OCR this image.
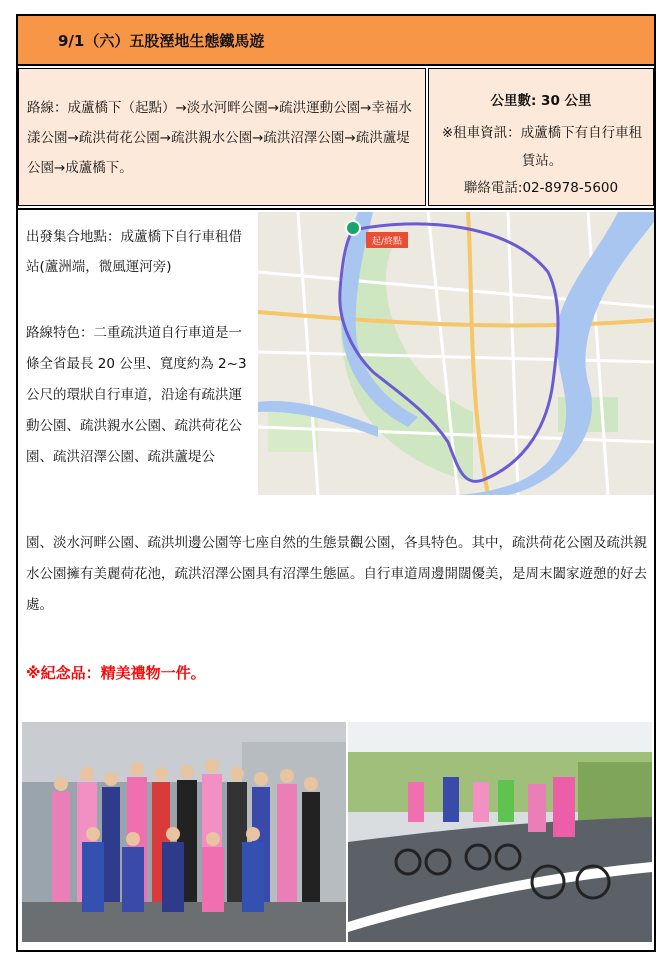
9/1（六）五股溼地生態鐵馬遊
路線：成蘆橋下（起點）→淡水河畔公園→疏洪運動公園→幸福水漾公園→疏洪荷花公園→疏洪親水公園→疏洪沼澤公園→疏洪蘆堤公園→成蘆橋下。
公里數: 30 公里
※租車資訊：成蘆橋下有自行車租賃站。
聯絡電話:02-8978-5600
出發集合地點：成蘆橋下自行車租借站(蘆洲端，微風運河旁)
路線特色：二重疏洪道自行車道是一條全省最長 20 公里、寬度約為 2~3 公尺的環狀自行車道，沿途有疏洪運動公園、疏洪親水公園、疏洪荷花公園、疏洪沼澤公園、疏洪蘆堤公
起/終點
園、淡水河畔公園、疏洪圳邊公園等七座自然的生態景觀公園，各具特色。其中，疏洪荷花公園及疏洪親水公園擁有美麗荷花池，疏洪沼澤公園具有沼澤生態區。自行車道周邊開闊優美，是周末闔家遊憩的好去處。
※紀念品：精美禮物一件。
